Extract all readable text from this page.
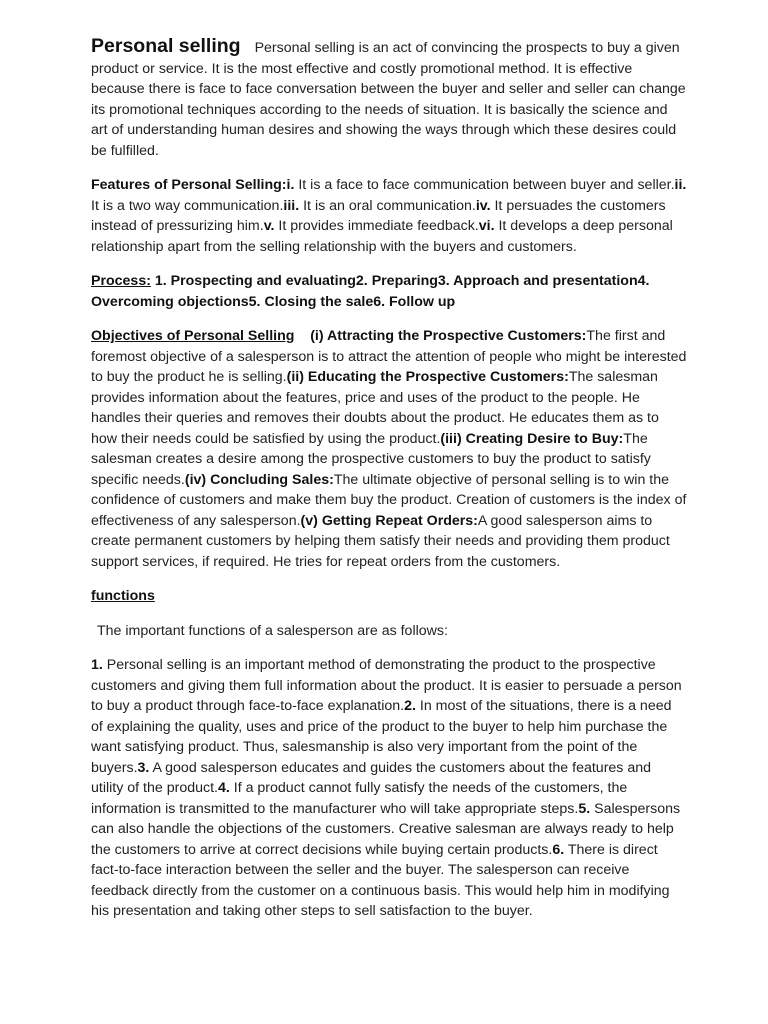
Personal selling Personal selling is an act of convincing the prospects to buy a given product or service. It is the most effective and costly promotional method. It is effective because there is face to face conversation between the buyer and seller and seller can change its promotional techniques according to the needs of situation. It is basically the science and art of understanding human desires and showing the ways through which these desires could be fulfilled.

Features of Personal Selling:i. It is a face to face communication between buyer and seller.ii. It is a two way communication.iii. It is an oral communication.iv. It persuades the customers instead of pressurizing him.v. It provides immediate feedback.vi. It develops a deep personal relationship apart from the selling relationship with the buyers and customers.

Process: 1. Prospecting and evaluating2. Preparing3. Approach and presentation4. Overcoming objections5. Closing the sale6. Follow up

Objectives of Personal Selling (i) Attracting the Prospective Customers:The first and foremost objective of a salesperson is to attract the attention of people who might be interested to buy the product he is selling.(ii) Educating the Prospective Customers:The salesman provides information about the features, price and uses of the product to the people. He handles their queries and removes their doubts about the product. He educates them as to how their needs could be satisfied by using the product.(iii) Creating Desire to Buy:The salesman creates a desire among the prospective customers to buy the product to satisfy specific needs.(iv) Concluding Sales:The ultimate objective of personal selling is to win the confidence of customers and make them buy the product. Creation of customers is the index of effectiveness of any salesperson.(v) Getting Repeat Orders:A good salesperson aims to create permanent customers by helping them satisfy their needs and providing them product support services, if required. He tries for repeat orders from the customers.

functions

The important functions of a salesperson are as follows:

1. Personal selling is an important method of demonstrating the product to the prospective customers and giving them full information about the product. It is easier to persuade a person to buy a product through face-to-face explanation.2. In most of the situations, there is a need of explaining the quality, uses and price of the product to the buyer to help him purchase the want satisfying product. Thus, salesmanship is also very important from the point of the buyers.3. A good salesperson educates and guides the customers about the features and utility of the product.4. If a product cannot fully satisfy the needs of the customers, the information is transmitted to the manufacturer who will take appropriate steps.5. Salespersons can also handle the objections of the customers. Creative salesman are always ready to help the customers to arrive at correct decisions while buying certain products.6. There is direct fact-to-face interaction between the seller and the buyer. The salesperson can receive feedback directly from the customer on a continuous basis. This would help him in modifying his presentation and taking other steps to sell satisfaction to the buyer.
